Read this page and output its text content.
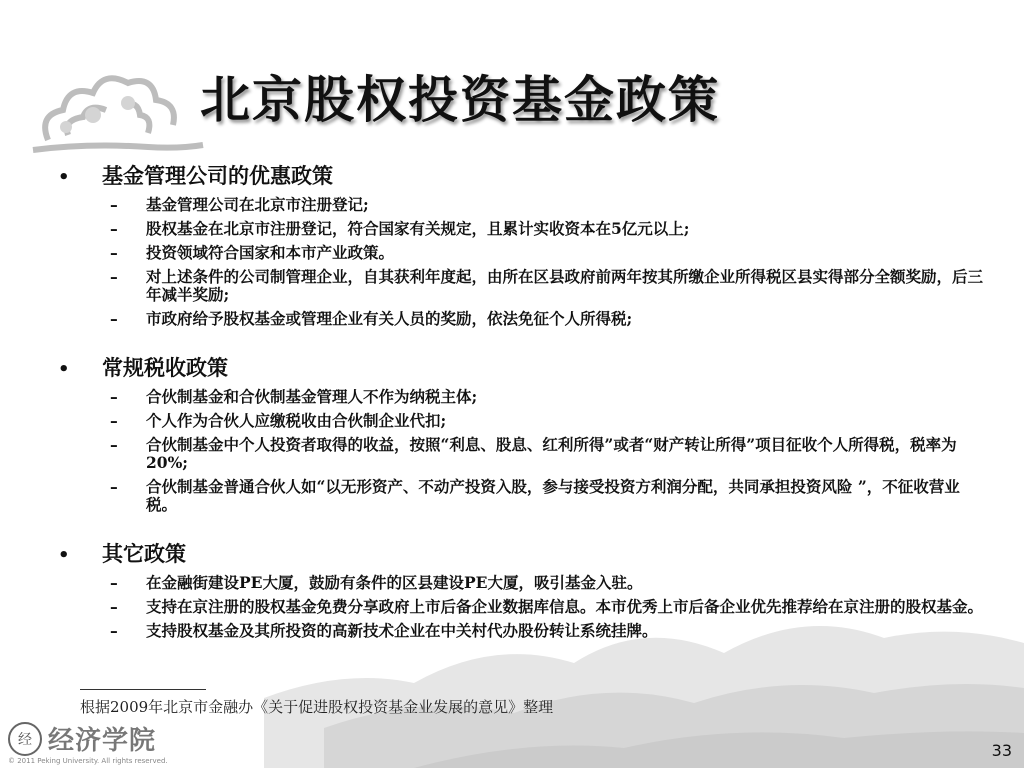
北京股权投资基金政策
•	基金管理公司的优惠政策
–	基金管理公司在北京市注册登记;
–	股权基金在北京市注册登记，符合国家有关规定，且累计实收资本在5亿元以上;
–	投资领域符合国家和本市产业政策。
–	对上述条件的公司制管理企业，自其获利年度起，由所在区县政府前两年按其所缴企业所得税区县实得部分全额奖励，后三年减半奖励;
–	市政府给予股权基金或管理企业有关人员的奖励，依法免征个人所得税;
•	常规税收政策
–	合伙制基金和合伙制基金管理人不作为纳税主体;
–	个人作为合伙人应缴税收由合伙制企业代扣;
–	合伙制基金中个人投资者取得的收益，按照“利息、股息、红利所得”或者“财产转让所得”项目征收个人所得税，税率为20%;
–	合伙制基金普通合伙人如“以无形资产、不动产投资入股，参与接受投资方利润分配，共同承担投资风险 ”，不征收营业税。
•	其它政策
–	在金融街建设PE大厦，鼓励有条件的区县建设PE大厦，吸引基金入驻。
–	支持在京注册的股权基金免费分享政府上市后备企业数据库信息。本市优秀上市后备企业优先推荐给在京注册的股权基金。
–	支持股权基金及其所投资的高新技术企业在中关村代办股份转让系统挂牌。
根据2009年北京市金融办《关于促进股权投资基金业发展的意见》整理
经 经济学院
© 2011 Peking University. All rights reserved.
33
